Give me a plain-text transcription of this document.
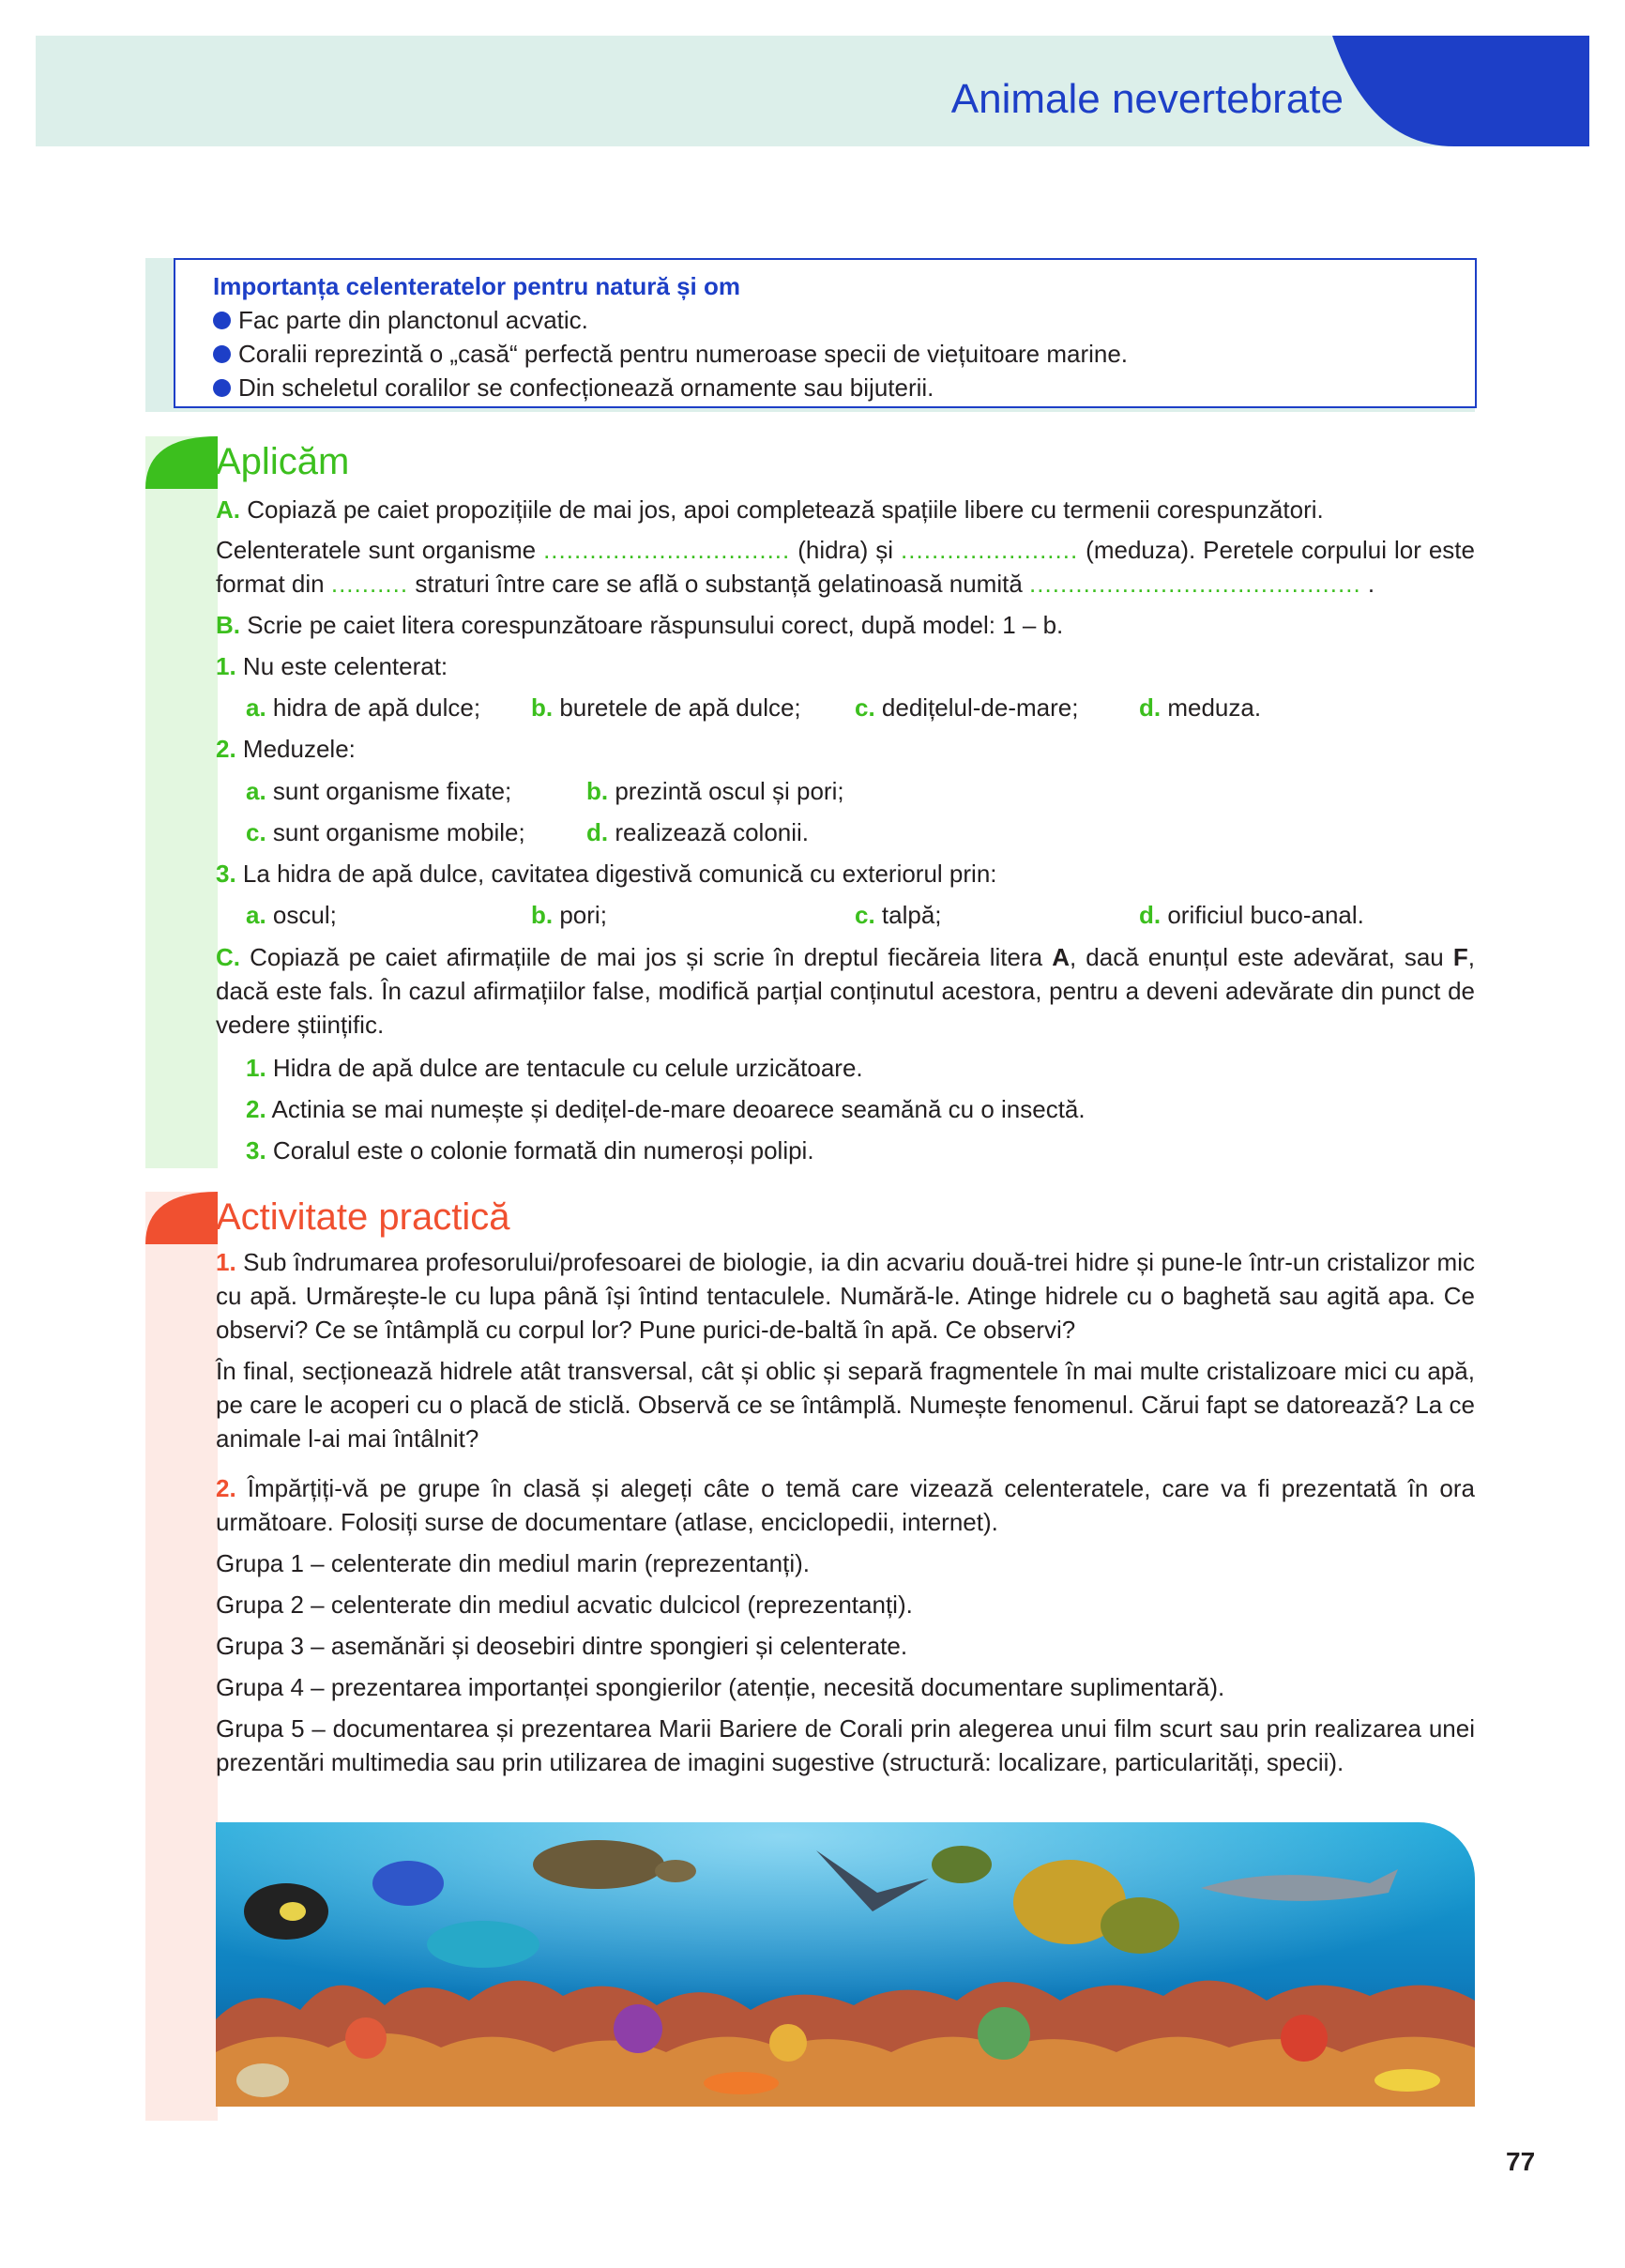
Animale nevertebrate
Importanța celenteratelor pentru natură și om
Fac parte din planctonul acvatic.
Coralii reprezintă o „casă“ perfectă pentru numeroase specii de viețuitoare marine.
Din scheletul coralilor se confecționează ornamente sau bijuterii.
Aplicăm
A. Copiază pe caiet propozițiile de mai jos, apoi completează spațiile libere cu termenii corespunzători.
Celenteratele sunt organisme ................................ (hidra) și ....................... (meduza). Peretele corpului lor este format din .......... straturi între care se află o substanță gelatinoasă numită ........................................... .
B. Scrie pe caiet litera corespunzătoare răspunsului corect, după model: 1 – b.
1. Nu este celenterat:
a. hidra de apă dulce; b. buretele de apă dulce; c. dedițelul-de-mare; d. meduza.
2. Meduzele:
a. sunt organisme fixate;	b. prezintă oscul și pori;
c. sunt organisme mobile;	d. realizează colonii.
3. La hidra de apă dulce, cavitatea digestivă comunică cu exteriorul prin:
a. oscul;	b. pori;	c. talpă;	d. orificiul buco-anal.
C. Copiază pe caiet afirmațiile de mai jos și scrie în dreptul fiecăreia litera A, dacă enunțul este adevărat, sau F, dacă este fals. În cazul afirmațiilor false, modifică parțial conținutul acestora, pentru a deveni adevărate din punct de vedere științific.
1. Hidra de apă dulce are tentacule cu celule urzicătoare.
2. Actinia se mai numește și dedițel-de-mare deoarece seamănă cu o insectă.
3. Coralul este o colonie formată din numeroși polipi.
Activitate practică
1. Sub îndrumarea profesorului/profesoarei de biologie, ia din acvariu două-trei hidre și pune-le într-un cristalizor mic cu apă. Urmărește-le cu lupa până își întind tentaculele. Numără-le. Atinge hidrele cu o baghetă sau agită apa. Ce observi? Ce se întâmplă cu corpul lor? Pune purici-de-baltă în apă. Ce observi?
În final, secționează hidrele atât transversal, cât și oblic și separă fragmentele în mai multe cristalizoare mici cu apă, pe care le acoperi cu o placă de sticlă. Observă ce se întâmplă. Numește fenomenul. Cărui fapt se datorează? La ce animale l-ai mai întâlnit?
2. Împărțiți-vă pe grupe în clasă și alegeți câte o temă care vizează celenteratele, care va fi prezentată în ora următoare. Folosiți surse de documentare (atlase, enciclopedii, internet).
Grupa 1 – celenterate din mediul marin (reprezentanți).
Grupa 2 – celenterate din mediul acvatic dulcicol (reprezentanți).
Grupa 3 – asemănări și deosebiri dintre spongieri și celenterate.
Grupa 4 – prezentarea importanței spongierilor (atenție, necesită documentare suplimentară).
Grupa 5 – documentarea și prezentarea Marii Bariere de Corali prin alegerea unui film scurt sau prin realizarea unei prezentări multimedia sau prin utilizarea de imagini sugestive (structură: localizare, particularități, specii).
77
